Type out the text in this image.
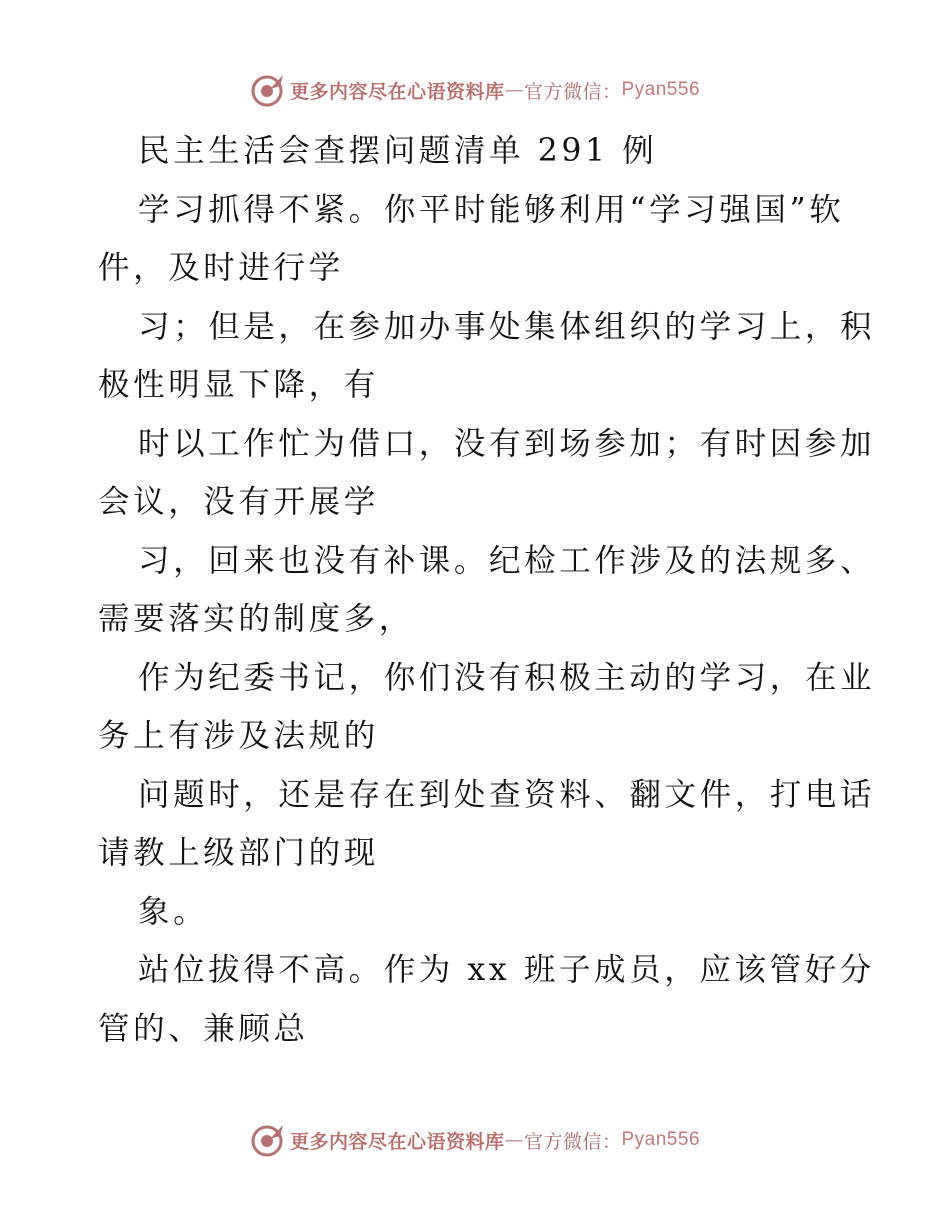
更多内容尽在心语资料库 — 官方微信： Pyan556
民主生活会查摆问题清单 291 例
学习抓得不紧。你平时能够利用“学习强国”软
件，及时进行学
习；但是，在参加办事处集体组织的学习上，积
极性明显下降，有
时以工作忙为借口，没有到场参加；有时因参加
会议，没有开展学
习，回来也没有补课。纪检工作涉及的法规多、
需要落实的制度多，
作为纪委书记，你们没有积极主动的学习，在业
务上有涉及法规的
问题时，还是存在到处查资料、翻文件，打电话
请教上级部门的现
象。
站位拔得不高。作为 xx 班子成员，应该管好分
管的、兼顾总
更多内容尽在心语资料库 — 官方微信： Pyan556
